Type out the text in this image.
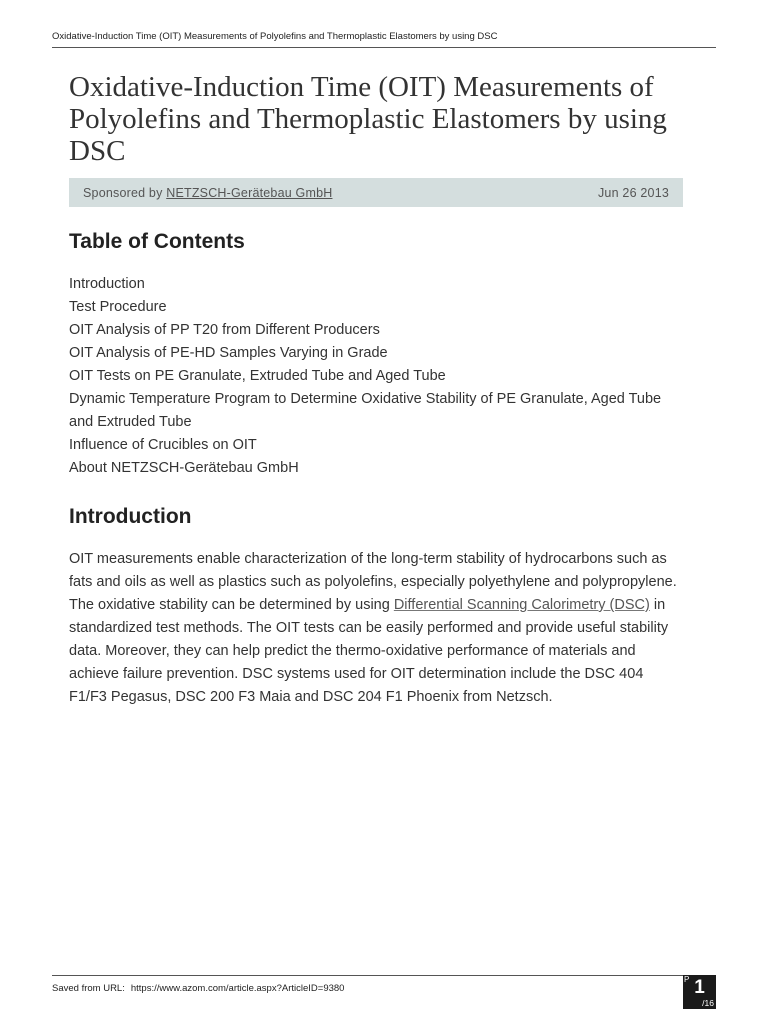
Oxidative-Induction Time (OIT) Measurements of Polyolefins and Thermoplastic Elastomers by using DSC
Oxidative-Induction Time (OIT) Measurements of Polyolefins and Thermoplastic Elastomers by using DSC
Sponsored by NETZSCH-Gerätebau GmbH	Jun 26 2013
Table of Contents
Introduction
Test Procedure
OIT Analysis of PP T20 from Different Producers
OIT Analysis of PE-HD Samples Varying in Grade
OIT Tests on PE Granulate, Extruded Tube and Aged Tube
Dynamic Temperature Program to Determine Oxidative Stability of PE Granulate, Aged Tube and Extruded Tube
Influence of Crucibles on OIT
About NETZSCH-Gerätebau GmbH
Introduction

OIT measurements enable characterization of the long-term stability of hydrocarbons such as fats and oils as well as plastics such as polyolefins, especially polyethylene and polypropylene. The oxidative stability can be determined by using Differential Scanning Calorimetry (DSC) in standardized test methods. The OIT tests can be easily performed and provide useful stability data. Moreover, they can help predict the thermo-oxidative performance of materials and achieve failure prevention. DSC systems used for OIT determination include the DSC 404 F1/F3 Pegasus, DSC 200 F3 Maia and DSC 204 F1 Phoenix from Netzsch.

Saved from URL: https://www.azom.com/article.aspx?ArticleID=9380
P 1
/16
